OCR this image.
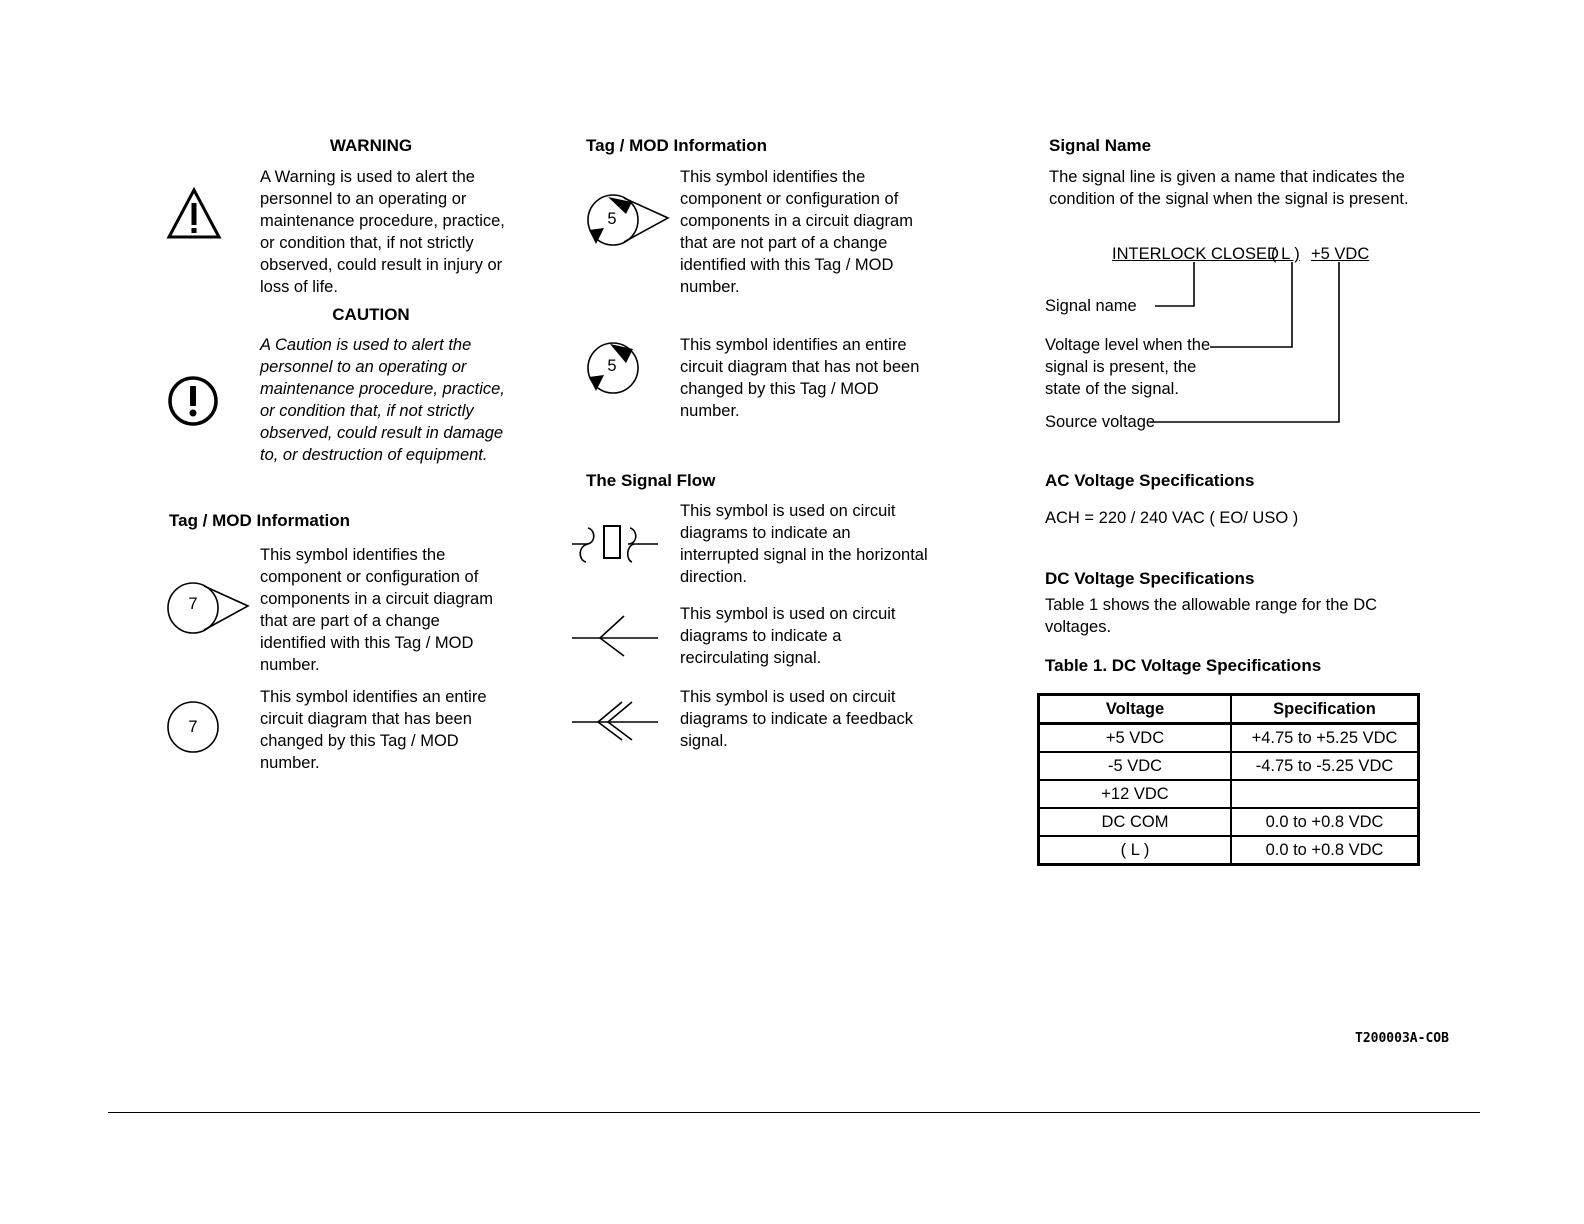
WARNING
A Warning is used to alert the personnel to an operating or maintenance procedure, practice, or condition that, if not strictly observed, could result in injury or loss of life.
CAUTION
A Caution is used to alert the personnel to an operating or maintenance procedure, practice, or condition that, if not strictly observed, could result in damage to, or destruction of equipment.
Tag / MOD Information
7
This symbol identifies the component or configuration of components in a circuit diagram that are part of a change identified with this Tag / MOD number.
7
This symbol identifies an entire circuit diagram that has been changed by this Tag / MOD number.
Tag / MOD Information
5
This symbol identifies the component or configuration of components in a circuit diagram that are not part of a change identified with this Tag / MOD number.
5
This symbol identifies an entire circuit diagram that has not been changed by this Tag / MOD number.
The Signal Flow
This symbol is used on circuit diagrams to indicate an interrupted signal in the horizontal direction.
This symbol is used on circuit diagrams to indicate a recirculating signal.
This symbol is used on circuit diagrams to indicate a feedback signal.
Signal Name
The signal line is given a name that indicates the condition of the signal when the signal is present.
INTERLOCK CLOSED
( L ) +5 VDC
Signal name
Voltage level when the signal is present, the state of the signal.
Source voltage
AC Voltage Specifications
ACH = 220 / 240 VAC ( EO/ USO )
DC Voltage Specifications
Table 1 shows the allowable range for the DC voltages.
Table 1. DC Voltage Specifications
Voltage	Specification
+5 VDC	+4.75 to +5.25 VDC
-5 VDC	-4.75 to -5.25 VDC
+12 VDC	
DC COM	0.0 to +0.8 VDC
( L )	0.0 to +0.8 VDC
T200003A-COB
